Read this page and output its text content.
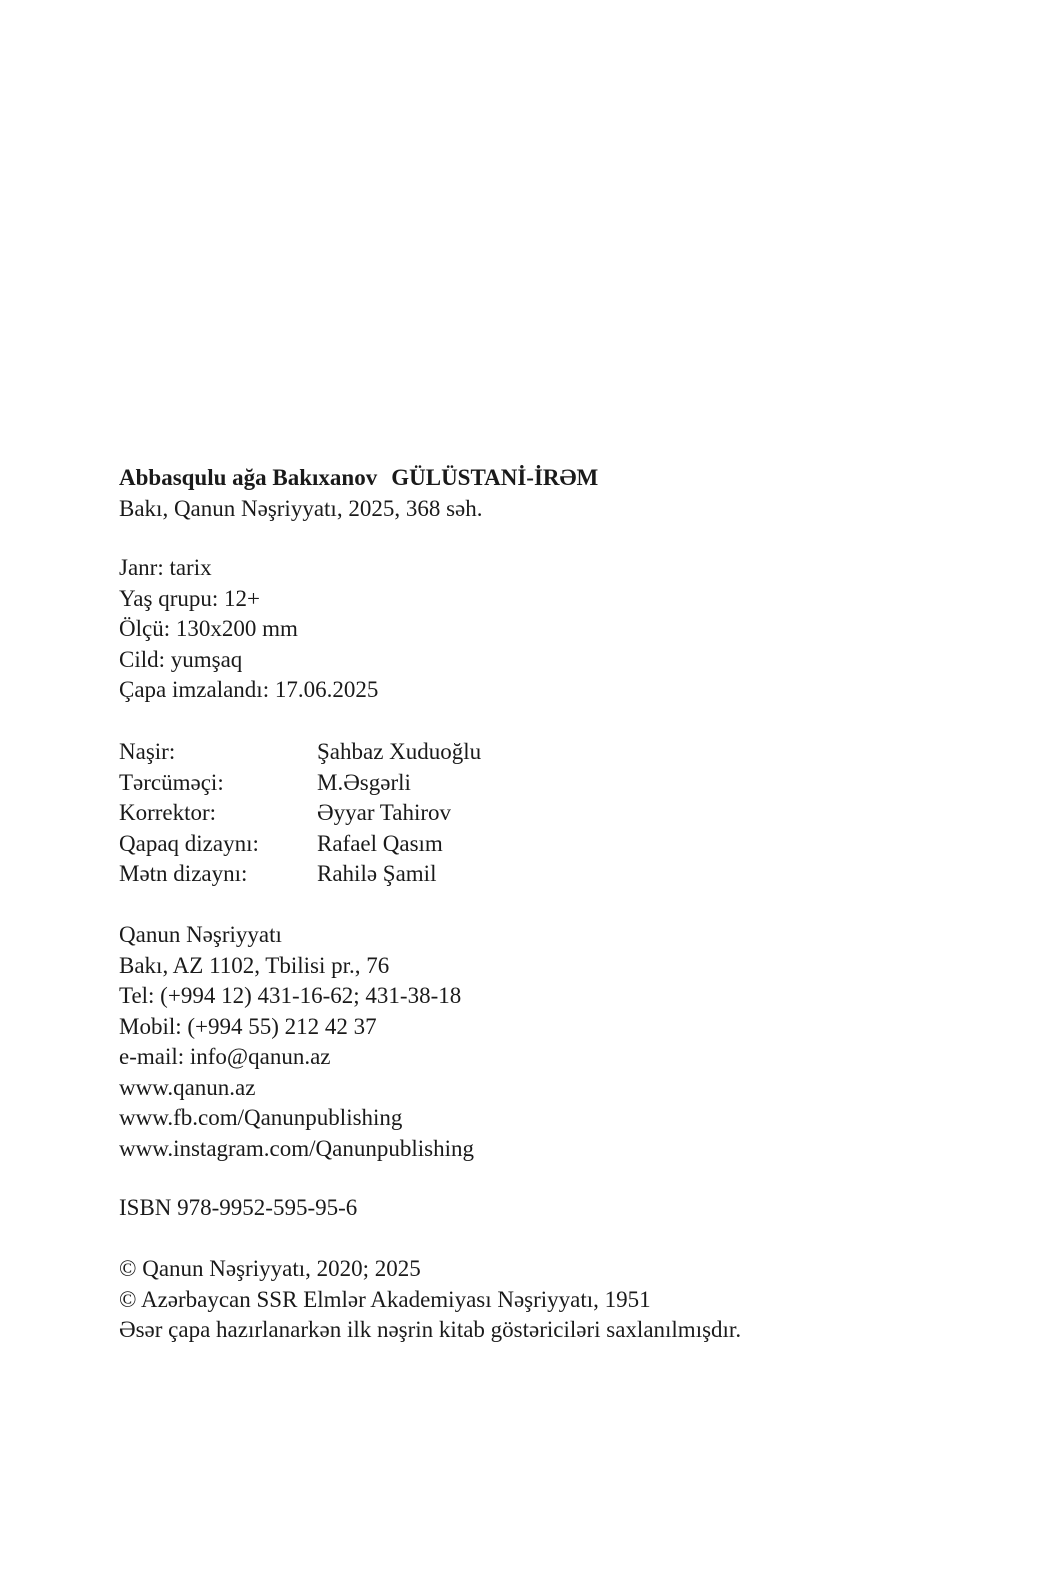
Abbasqulu ağa Bakıxanov GÜLÜSTANİ-İRƏM
Bakı, Qanun Nəşriyyatı, 2025, 368 səh.
Janr: tarix
Yaş qrupu: 12+
Ölçü: 130x200 mm
Cild: yumşaq
Çapa imzalandı: 17.06.2025
Naşir:	Şahbaz Xuduoğlu
Tərcüməçi:	M.Əsgərli
Korrektor:	Əyyar Tahirov
Qapaq dizaynı:	Rafael Qasım
Mətn dizaynı:	Rahilə Şamil
Qanun Nəşriyyatı
Bakı, AZ 1102, Tbilisi pr., 76
Tel: (+994 12) 431-16-62; 431-38-18
Mobil: (+994 55) 212 42 37
e-mail: info@qanun.az
www.qanun.az
www.fb.com/Qanunpublishing
www.instagram.com/Qanunpublishing
ISBN 978-9952-595-95-6
© Qanun Nəşriyyatı, 2020; 2025
© Azərbaycan SSR Elmlər Akademiyası Nəşriyyatı, 1951
Əsər çapa hazırlanarkən ilk nəşrin kitab göstəriciləri saxlanılmışdır.
